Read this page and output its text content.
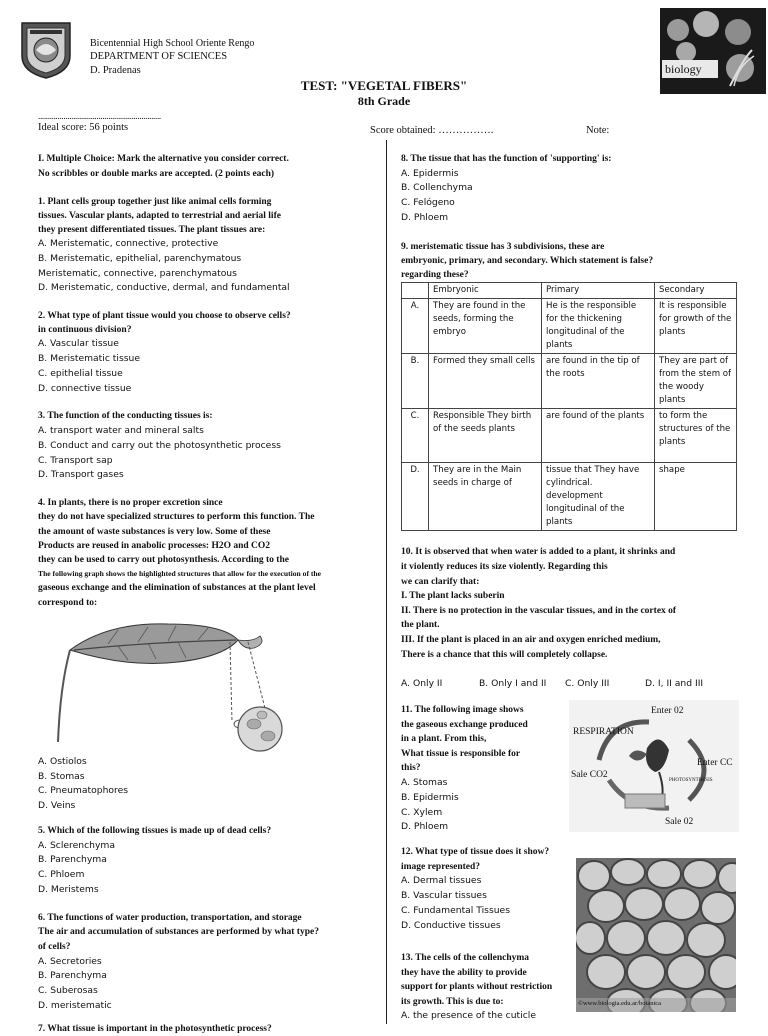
Bicentennial High School Oriente Rengo
DEPARTMENT OF SCIENCES
D. Pradenas	biology
TEST: "VEGETAL FIBERS"
8th Grade
...............................................................
Ideal score: 56 points	Score obtained: …………….	Note:
I. Multiple Choice: Mark the alternative you consider correct.
No scribbles or double marks are accepted. (2 points each)
1. Plant cells group together just like animal cells forming
tissues. Vascular plants, adapted to terrestrial and aerial life
they present differentiated tissues. The plant tissues are:
A. Meristematic, connective, protective
B. Meristematic, epithelial, parenchymatous
Meristematic, connective, parenchymatous
D. Meristematic, conductive, dermal, and fundamental
2. What type of plant tissue would you choose to observe cells?
in continuous division?
A. Vascular tissue
B. Meristematic tissue
C. epithelial tissue
D. connective tissue
3. The function of the conducting tissues is:
A. transport water and mineral salts
B. Conduct and carry out the photosynthetic process
C. Transport sap
D. Transport gases
4. In plants, there is no proper excretion since
they do not have specialized structures to perform this function. The
the amount of waste substances is very low. Some of these
Products are reused in anabolic processes: H2O and CO2
they can be used to carry out photosynthesis. According to the
The following graph shows the highlighted structures that allow for the execution of the
gaseous exchange and the elimination of substances at the plant level
correspond to:
A. Ostiolos
B. Stomas
C. Pneumatophores
D. Veins
5. Which of the following tissues is made up of dead cells?
A. Sclerenchyma
B. Parenchyma
C. Phloem
D. Meristems
6. The functions of water production, transportation, and storage
The air and accumulation of substances are performed by what type?
of cells?
A. Secretories
B. Parenchyma
C. Suberosas
D. meristematic
7. What tissue is important in the photosynthetic process?
8. The tissue that has the function of 'supporting' is:
A. Epidermis
B. Collenchyma
C. Felógeno
D. Phloem
9. meristematic tissue has 3 subdivisions, these are
embryonic, primary, and secondary. Which statement is false?
regarding these?
	Embryonic	Primary	Secondary
A.	They are found in the seeds, forming the embryo	He is the responsible for the thickening longitudinal of the plants	It is responsible for growth of the plants
B.	Formed they small cells	are found in the tip of the roots	They are part of from the stem of the woody plants
C.	Responsible They birth of the seeds plants	are found of the plants	to form the structures of the plants
D.	They are in the Main seeds in charge of	tissue that They have cylindrical. development longitudinal of the plants	shape
10. It is observed that when water is added to a plant, it shrinks and
it violently reduces its size violently. Regarding this
we can clarify that:
I. The plant lacks suberin
II. There is no protection in the vascular tissues, and in the cortex of
the plant.
III. If the plant is placed in an air and oxygen enriched medium,
There is a chance that this will completely collapse.
A. Only II	B. Only I and II	C. Only III	D. I, II and III
11. The following image shows
the gaseous exchange produced
in a plant. From this,
What tissue is responsible for
this?
A. Stomas
B. Epidermis
C. Xylem
D. Phloem
Enter 02
RESPIRATION
Enter CC
Sale CO2
PHOTOSYNTHESIS
Sale 02
12. What type of tissue does it show?
image represented?
A. Dermal tissues
B. Vascular tissues
C. Fundamental Tissues
D. Conductive tissues
13. The cells of the collenchyma
they have the ability to provide
support for plants without restriction
its growth. This is due to:
A. the presence of the cuticle
©www.biologia.edu.ar/botanica
